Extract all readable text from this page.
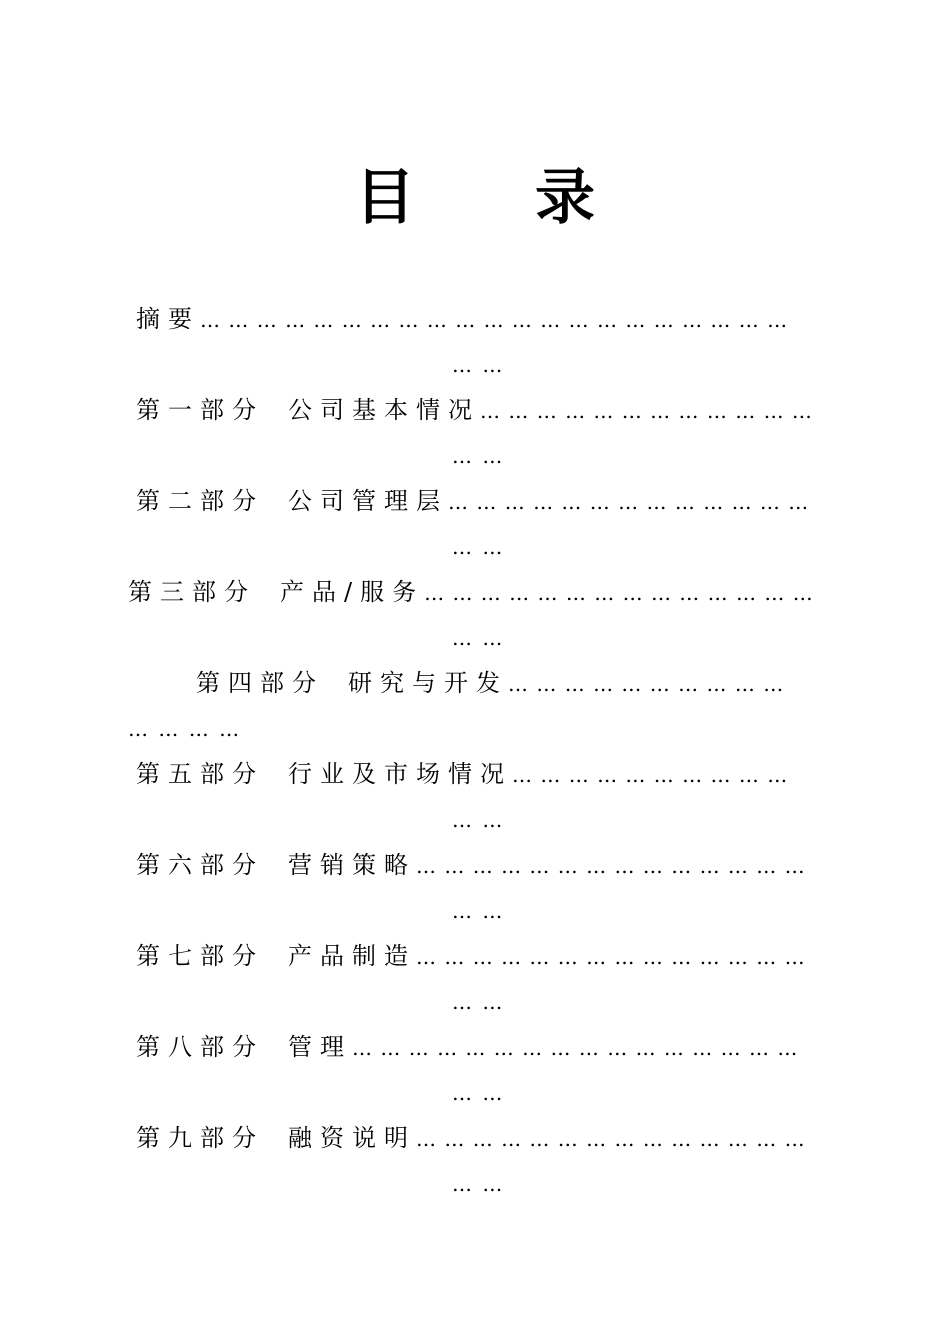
目 录
摘要… … … … … … … … … … … … … … … … … … … … …
… …
第一部分 公司基本情况… … … … … … … … … … … …
… …
第二部分 公司管理层… … … … … … … … … … … … …
… …
第三部分 产品/服务… … … … … … … … … … … … … …
… …
第四部分 研究与开发… … … … … … … … … …
… … … …
第五部分 行业及市场情况… … … … … … … … … …
… …
第六部分 营销策略… … … … … … … … … … … … … …
… …
第七部分 产品制造… … … … … … … … … … … … … …
… …
第八部分 管理… … … … … … … … … … … … … … … …
… …
第九部分 融资说明… … … … … … … … … … … … … …
… …
